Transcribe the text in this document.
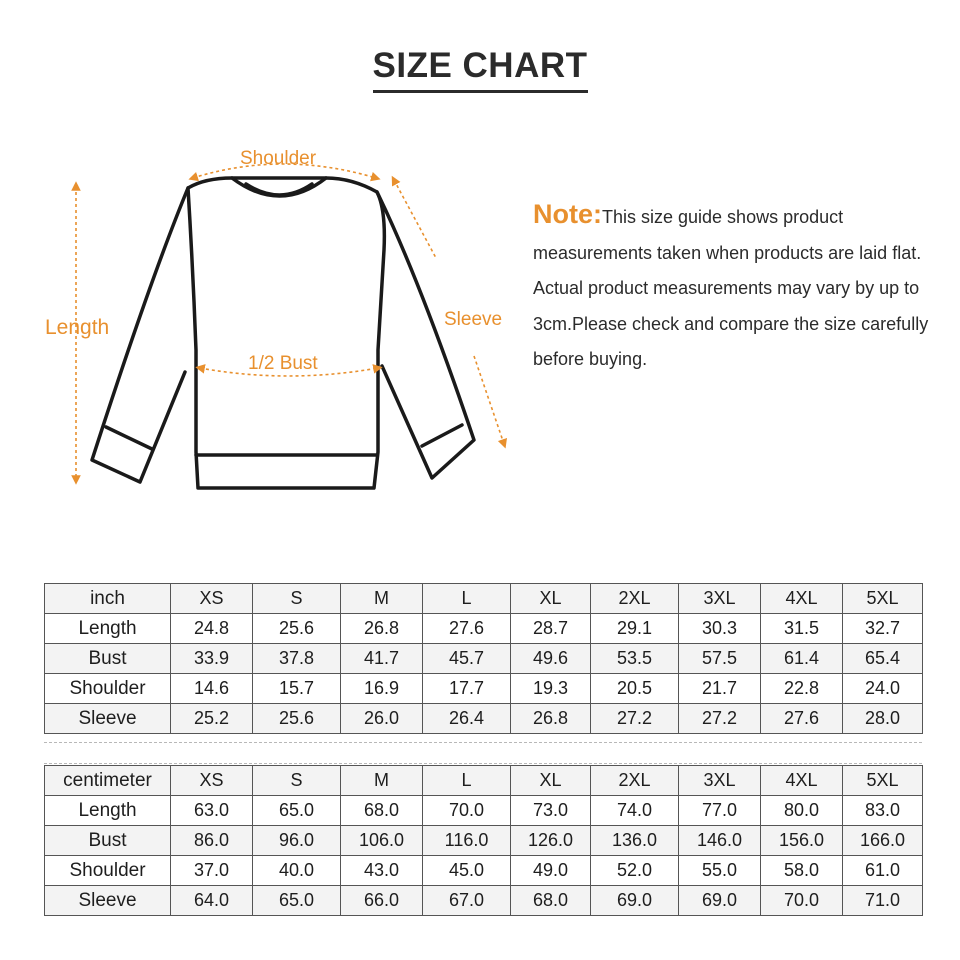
SIZE CHART
Shoulder
Length	Sleeve
1/2 Bust
Note:This size guide shows product measurements taken when products are laid flat. Actual product measurements may vary by up to 3cm.Please check and compare the size carefully before buying.
inch	XS	S	M	L	XL	2XL	3XL	4XL	5XL
Length	24.8	25.6	26.8	27.6	28.7	29.1	30.3	31.5	32.7
Bust	33.9	37.8	41.7	45.7	49.6	53.5	57.5	61.4	65.4
Shoulder	14.6	15.7	16.9	17.7	19.3	20.5	21.7	22.8	24.0
Sleeve	25.2	25.6	26.0	26.4	26.8	27.2	27.2	27.6	28.0
centimeter	XS	S	M	L	XL	2XL	3XL	4XL	5XL
Length	63.0	65.0	68.0	70.0	73.0	74.0	77.0	80.0	83.0
Bust	86.0	96.0	106.0	116.0	126.0	136.0	146.0	156.0	166.0
Shoulder	37.0	40.0	43.0	45.0	49.0	52.0	55.0	58.0	61.0
Sleeve	64.0	65.0	66.0	67.0	68.0	69.0	69.0	70.0	71.0
